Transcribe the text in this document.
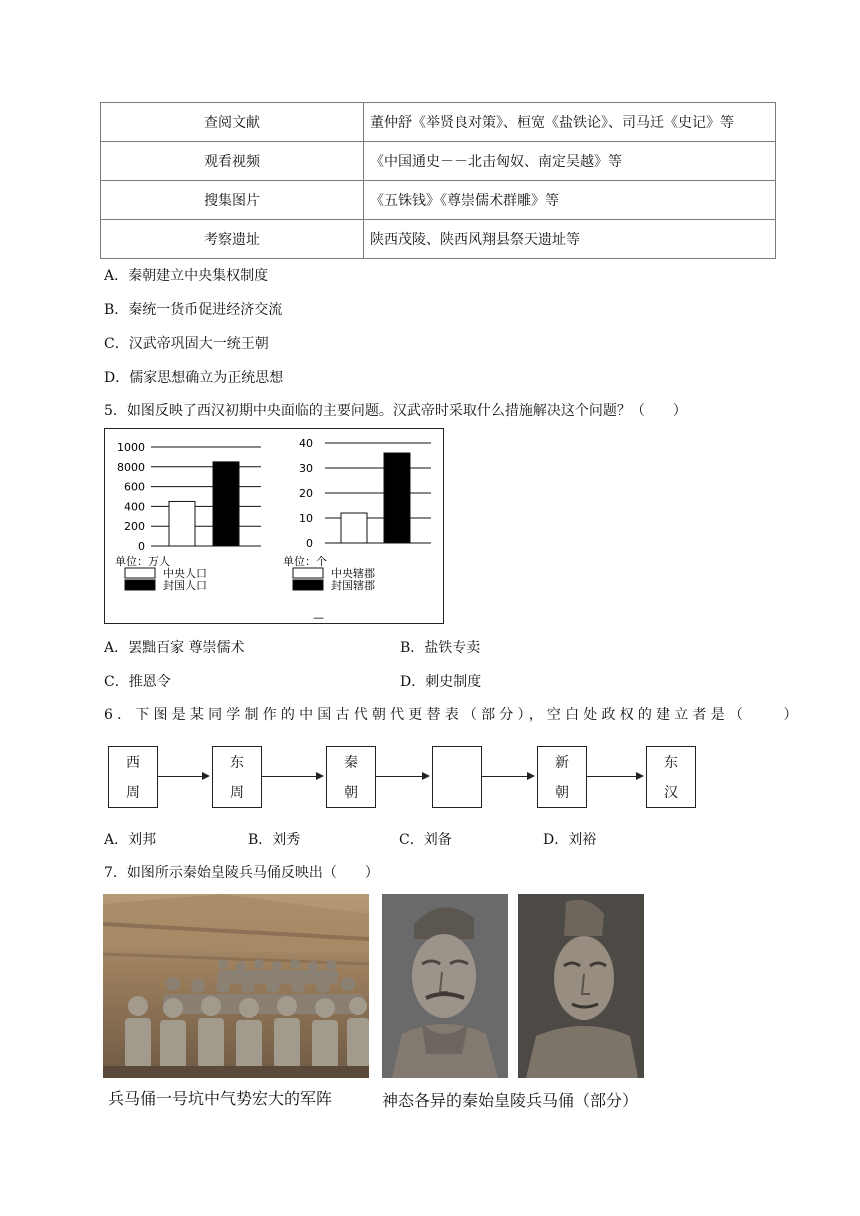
查阅文献	董仲舒《举贤良对策》、桓宽《盐铁论》、司马迁《史记》等
观看视频	《中国通史－－北击匈奴、南定吴越》等
搜集图片	《五铢钱》《尊崇儒术群雕》等
考察遗址	陕西茂陵、陕西风翔县祭天遗址等
A．秦朝建立中央集权制度
B．秦统一货币促进经济交流
C．汉武帝巩固大一统王朝
D．儒家思想确立为正统思想
5．如图反映了西汉初期中央面临的主要问题。汉武帝时采取什么措施解决这个问题？（　　）
1000
8000
600
400
200
0
单位：万人
中央人口
封国人口
40
30
20
10
0
单位：个
中央辖郡
封国辖郡
—
A．罢黜百家 尊崇儒术	B．盐铁专卖
C．推恩令	D．刺史制度
6．下图是某同学制作的中国古代朝代更替表（部分），空白处政权的建立者是（　　）
西
周
东
周
秦
朝
新
朝
东
汉
A．刘邦	B．刘秀	C．刘备	D．刘裕
7．如图所示秦始皇陵兵马俑反映出（　　）
兵马俑一号坑中气势宏大的军阵	神态各异的秦始皇陵兵马俑（部分）
